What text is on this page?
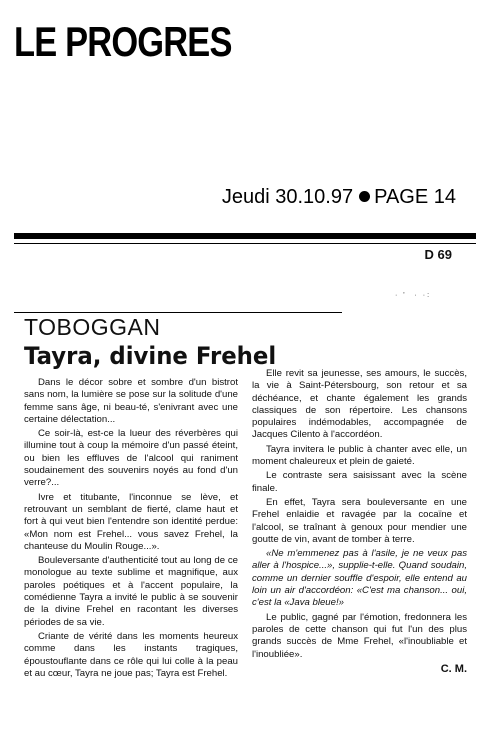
LE PROGRES
Jeudi 30.10.97 PAGE 14
D 69
· '  · ·:
TOBOGGAN
Tayra, divine Frehel

Dans le décor sobre et sombre d'un bistrot sans nom, la lumière se pose sur la solitude d'une femme sans âge, ni beau-té, s'enivrant avec une certaine délectation...

Ce soir-là, est-ce la lueur des réverbères qui illumine tout à coup la mémoire d'un passé éteint, ou bien les effluves de l'alcool qui raniment soudainement des souvenirs noyés au fond d'un verre?...

Ivre et titubante, l'inconnue se lève, et retrouvant un semblant de fierté, clame haut et fort à qui veut bien l'entendre son identité perdue: «Mon nom est Frehel... vous savez Frehel, la chanteuse du Moulin Rouge...».

Bouleversante d'authenticité tout au long de ce monologue au texte sublime et magnifique, aux paroles poétiques et à l'accent populaire, la comédienne Tayra a invité le public à se souvenir de la divine Frehel en racontant les diverses périodes de sa vie.

Criante de vérité dans les moments heureux comme dans les instants tragiques, époustouflante dans ce rôle qui lui colle à la peau et au cœur, Tayra ne joue pas; Tayra est Frehel.

Elle revit sa jeunesse, ses amours, le succès, la vie à Saint-Pétersbourg, son retour et sa déchéance, et chante également les grands classiques de son répertoire. Les chansons populaires indémodables, accompagnée de Jacques Cilento à l'accordéon.

Tayra invitera le public à chanter avec elle, un moment chaleureux et plein de gaieté.

Le contraste sera saisissant avec la scène finale.

En effet, Tayra sera bouleversante en une Frehel enlaidie et ravagée par la cocaïne et l'alcool, se traînant à genoux pour mendier une goutte de vin, avant de tomber à terre.

«Ne m'emmenez pas à l'asile, je ne veux pas aller à l'hospice...», supplie-t-elle. Quand soudain, comme un dernier souffle d'espoir, elle entend au loin un air d'accordéon: «C'est ma chanson... oui, c'est la «Java bleue!»

Le public, gagné par l'émotion, fredonnera les paroles de cette chanson qui fut l'un des plus grands succès de Mme Frehel, «l'inoubliable et l'inoubliée».

C. M.
